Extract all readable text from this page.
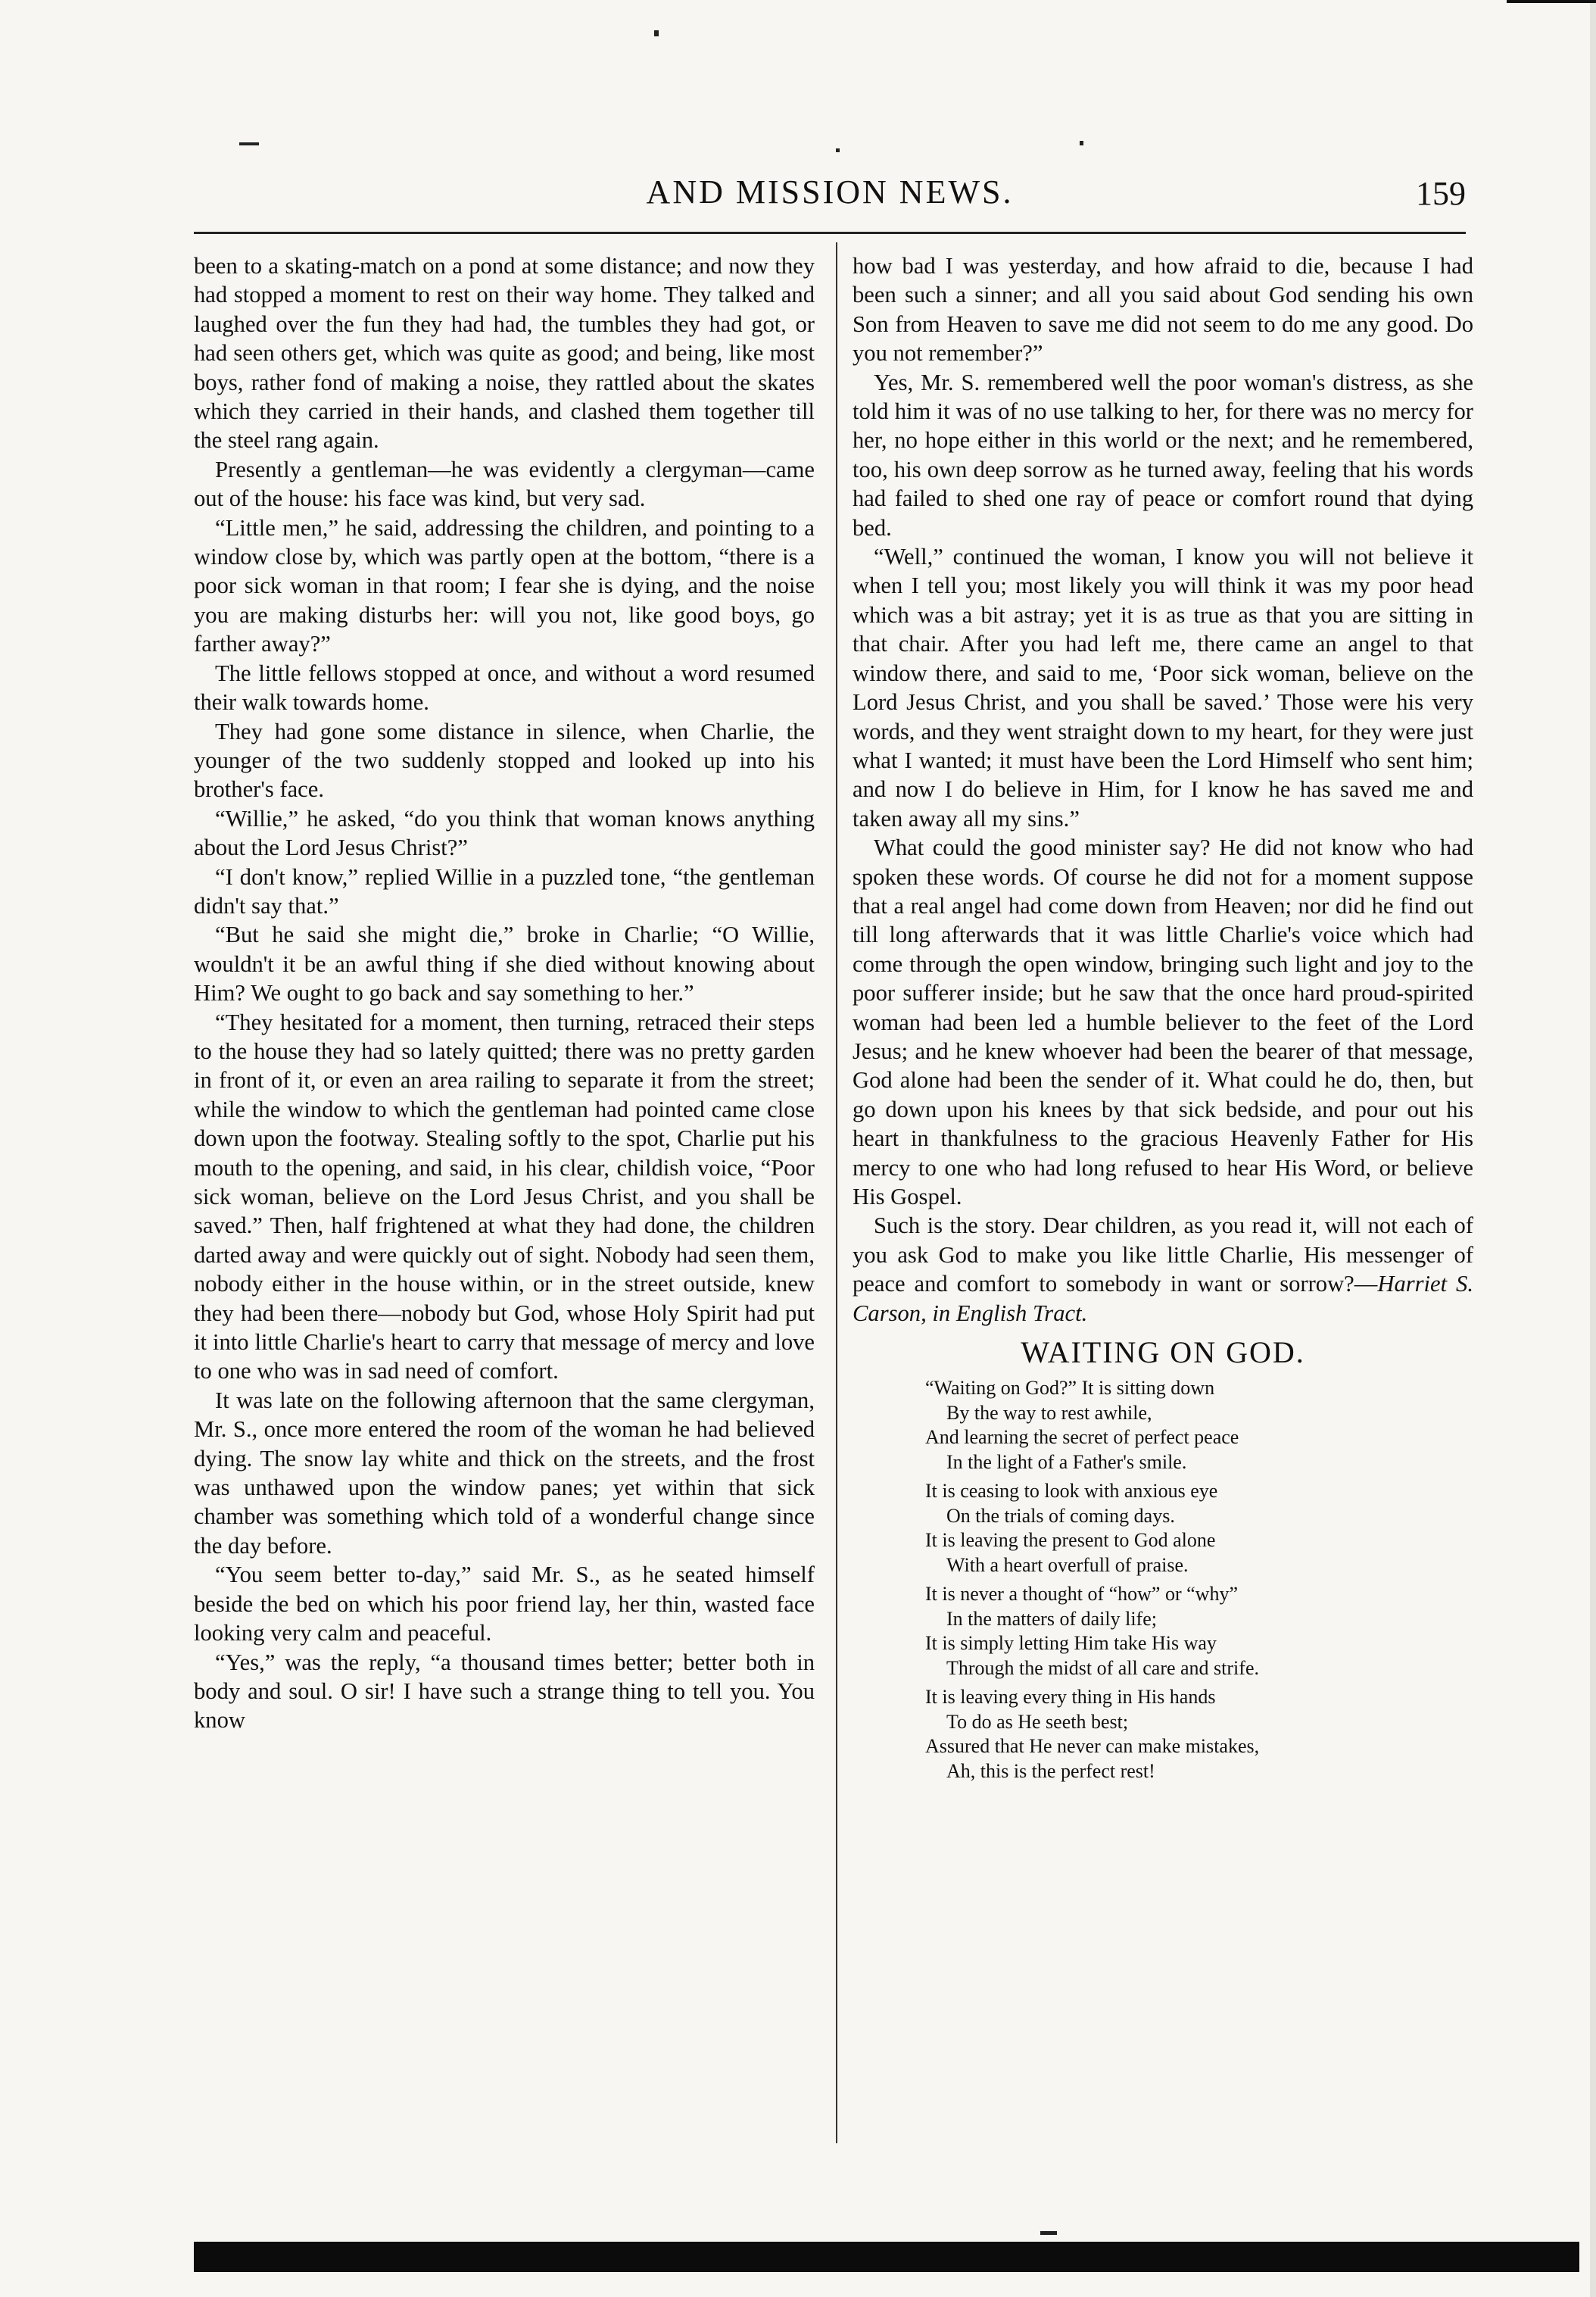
AND MISSION NEWS.	159

been to a skating-match on a pond at some distance; and now they had stopped a moment to rest on their way home. They talked and laughed over the fun they had had, the tumbles they had got, or had seen others get, which was quite as good; and being, like most boys, rather fond of making a noise, they rattled about the skates which they carried in their hands, and clashed them together till the steel rang again.

Presently a gentleman—he was evidently a clergyman—came out of the house: his face was kind, but very sad.

“Little men,” he said, addressing the children, and pointing to a window close by, which was partly open at the bottom, “there is a poor sick woman in that room; I fear she is dying, and the noise you are making disturbs her: will you not, like good boys, go farther away?”

The little fellows stopped at once, and without a word resumed their walk towards home.

They had gone some distance in silence, when Charlie, the younger of the two suddenly stopped and looked up into his brother's face.

“Willie,” he asked, “do you think that woman knows anything about the Lord Jesus Christ?”

“I don't know,” replied Willie in a puzzled tone, “the gentleman didn't say that.”

“But he said she might die,” broke in Charlie; “O Willie, wouldn't it be an awful thing if she died without knowing about Him? We ought to go back and say something to her.”

“They hesitated for a moment, then turning, retraced their steps to the house they had so lately quitted; there was no pretty garden in front of it, or even an area railing to separate it from the street; while the window to which the gentleman had pointed came close down upon the footway. Stealing softly to the spot, Charlie put his mouth to the opening, and said, in his clear, childish voice, “Poor sick woman, believe on the Lord Jesus Christ, and you shall be saved.” Then, half frightened at what they had done, the children darted away and were quickly out of sight. Nobody had seen them, nobody either in the house within, or in the street outside, knew they had been there—nobody but God, whose Holy Spirit had put it into little Charlie's heart to carry that message of mercy and love to one who was in sad need of comfort.

It was late on the following afternoon that the same clergyman, Mr. S., once more entered the room of the woman he had believed dying. The snow lay white and thick on the streets, and the frost was unthawed upon the window panes; yet within that sick chamber was something which told of a wonderful change since the day before.

“You seem better to-day,” said Mr. S., as he seated himself beside the bed on which his poor friend lay, her thin, wasted face looking very calm and peaceful.

“Yes,” was the reply, “a thousand times better; better both in body and soul. O sir! I have such a strange thing to tell you. You know

how bad I was yesterday, and how afraid to die, because I had been such a sinner; and all you said about God sending his own Son from Heaven to save me did not seem to do me any good. Do you not remember?”

Yes, Mr. S. remembered well the poor woman's distress, as she told him it was of no use talking to her, for there was no mercy for her, no hope either in this world or the next; and he remembered, too, his own deep sorrow as he turned away, feeling that his words had failed to shed one ray of peace or comfort round that dying bed.

“Well,” continued the woman, I know you will not believe it when I tell you; most likely you will think it was my poor head which was a bit astray; yet it is as true as that you are sitting in that chair. After you had left me, there came an angel to that window there, and said to me, ‘Poor sick woman, believe on the Lord Jesus Christ, and you shall be saved.’ Those were his very words, and they went straight down to my heart, for they were just what I wanted; it must have been the Lord Himself who sent him; and now I do believe in Him, for I know he has saved me and taken away all my sins.”

What could the good minister say? He did not know who had spoken these words. Of course he did not for a moment suppose that a real angel had come down from Heaven; nor did he find out till long afterwards that it was little Charlie's voice which had come through the open window, bringing such light and joy to the poor sufferer inside; but he saw that the once hard proud-spirited woman had been led a humble believer to the feet of the Lord Jesus; and he knew whoever had been the bearer of that message, God alone had been the sender of it. What could he do, then, but go down upon his knees by that sick bedside, and pour out his heart in thankfulness to the gracious Heavenly Father for His mercy to one who had long refused to hear His Word, or believe His Gospel.

Such is the story. Dear children, as you read it, will not each of you ask God to make you like little Charlie, His messenger of peace and comfort to somebody in want or sorrow?—Harriet S. Carson, in English Tract.

WAITING ON GOD.
“Waiting on God?” It is sitting down
By the way to rest awhile,
And learning the secret of perfect peace
In the light of a Father's smile.
It is ceasing to look with anxious eye
On the trials of coming days.
It is leaving the present to God alone
With a heart overfull of praise.
It is never a thought of “how” or “why”
In the matters of daily life;
It is simply letting Him take His way
Through the midst of all care and strife.
It is leaving every thing in His hands
To do as He seeth best;
Assured that He never can make mistakes,
Ah, this is the perfect rest!
